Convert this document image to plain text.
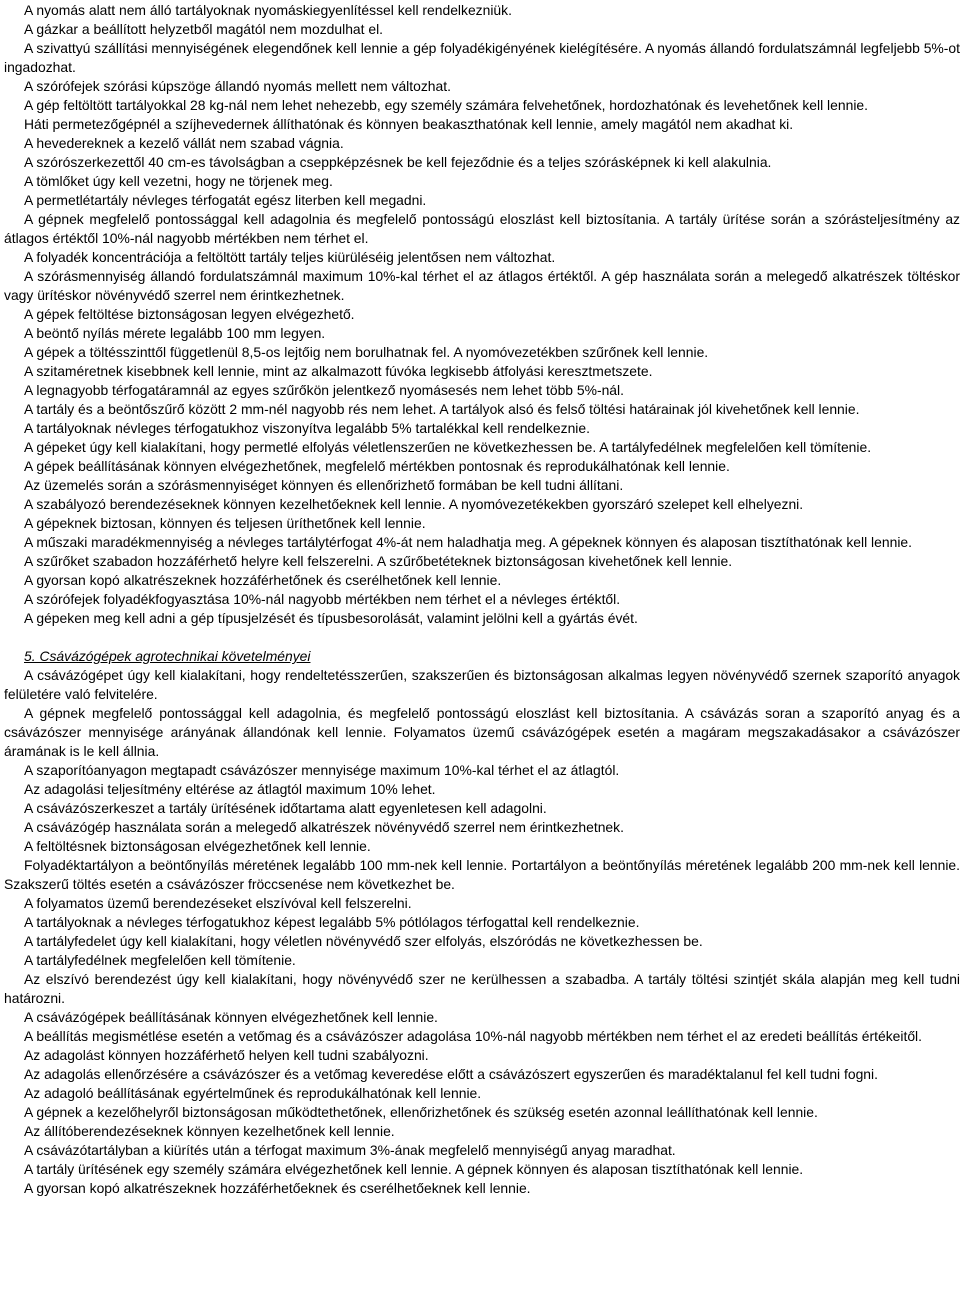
A nyomás alatt nem álló tartályoknak nyomáskiegyenlítéssel kell rendelkezniük.

A gázkar a beállított helyzetből magától nem mozdulhat el.

A szivattyú szállítási mennyiségének elegendőnek kell lennie a gép folyadékigényének kielégítésére. A nyomás állandó fordulatszámnál legfeljebb 5%-ot ingadozhat.

A szórófejek szórási kúpszöge állandó nyomás mellett nem változhat.

A gép feltöltött tartályokkal 28 kg-nál nem lehet nehezebb, egy személy számára felvehetőnek, hordozhatónak és levehetőnek kell lennie.

Háti permetezőgépnél a szíjhevedernek állíthatónak és könnyen beakaszthatónak kell lennie, amely magától nem akadhat ki.

A hevedereknek a kezelő vállát nem szabad vágnia.

A szórószerkezettől 40 cm-es távolságban a cseppképzésnek be kell fejeződnie és a teljes szórásképnek ki kell alakulnia.

A tömlőket úgy kell vezetni, hogy ne törjenek meg.

A permetlétartály névleges térfogatát egész literben kell megadni.

A gépnek megfelelő pontossággal kell adagolnia és megfelelő pontosságú eloszlást kell biztosítania. A tartály ürítése során a szórásteljesítmény az átlagos értéktől 10%-nál nagyobb mértékben nem térhet el.

A folyadék koncentrációja a feltöltött tartály teljes kiürüléséig jelentősen nem változhat.

A szórásmennyiség állandó fordulatszámnál maximum 10%-kal térhet el az átlagos értéktől. A gép használata során a melegedő alkatrészek töltéskor vagy ürítéskor növényvédő szerrel nem érintkezhetnek.

A gépek feltöltése biztonságosan legyen elvégezhető.

A beöntő nyílás mérete legalább 100 mm legyen.

A gépek a töltésszinttől függetlenül 8,5-os lejtőig nem borulhatnak fel. A nyomóvezetékben szűrőnek kell lennie.

A szitaméretnek kisebbnek kell lennie, mint az alkalmazott fúvóka legkisebb átfolyási keresztmetszete.

A legnagyobb térfogatáramnál az egyes szűrőkön jelentkező nyomásesés nem lehet több 5%-nál.

A tartály és a beöntőszűrő között 2 mm-nél nagyobb rés nem lehet. A tartályok alsó és felső töltési határainak jól kivehetőnek kell lennie.

A tartályoknak névleges térfogatukhoz viszonyítva legalább 5% tartalékkal kell rendelkeznie.

A gépeket úgy kell kialakítani, hogy permetlé elfolyás véletlenszerűen ne következhessen be. A tartályfedélnek megfelelően kell tömítenie.

A gépek beállításának könnyen elvégezhetőnek, megfelelő mértékben pontosnak és reprodukálhatónak kell lennie.

Az üzemelés során a szórásmennyiséget könnyen és ellenőrizhető formában be kell tudni állítani.

A szabályozó berendezéseknek könnyen kezelhetőeknek kell lennie. A nyomóvezetékekben gyorszáró szelepet kell elhelyezni.

A gépeknek biztosan, könnyen és teljesen üríthetőnek kell lennie.

A műszaki maradékmennyiség a névleges tartálytérfogat 4%-át nem haladhatja meg. A gépeknek könnyen és alaposan tisztíthatónak kell lennie.

A szűrőket szabadon hozzáférhető helyre kell felszerelni. A szűrőbetéteknek biztonságosan kivehetőnek kell lennie.

A gyorsan kopó alkatrészeknek hozzáférhetőnek és cserélhetőnek kell lennie.

A szórófejek folyadékfogyasztása 10%-nál nagyobb mértékben nem térhet el a névleges értéktől.

A gépeken meg kell adni a gép típusjelzését és típusbesorolását, valamint jelölni kell a gyártás évét.

5. Csávázógépek agrotechnikai követelményei

A csávázógépet úgy kell kialakítani, hogy rendeltetésszerűen, szakszerűen és biztonságosan alkalmas legyen növényvédő szernek szaporító anyagok felületére való felvitelére.

A gépnek megfelelő pontossággal kell adagolnia, és megfelelő pontosságú eloszlást kell biztosítania. A csávázás soran a szaporító anyag és a csávázószer mennyisége arányának állandónak kell lennie. Folyamatos üzemű csávázógépek esetén a magáram megszakadásakor a csávázószer áramának is le kell állnia.

A szaporítóanyagon megtapadt csávázószer mennyisége maximum 10%-kal térhet el az átlagtól.

Az adagolási teljesítmény eltérése az átlagtól maximum 10% lehet.

A csávázószerkeszet a tartály ürítésének időtartama alatt egyenletesen kell adagolni.

A csávázógép használata során a melegedő alkatrészek növényvédő szerrel nem érintkezhetnek.

A feltöltésnek biztonságosan elvégezhetőnek kell lennie.

Folyadéktartályon a beöntőnyílás méretének legalább 100 mm-nek kell lennie. Portartályon a beöntőnyílás méretének legalább 200 mm-nek kell lennie. Szakszerű töltés esetén a csávázószer fröccsenése nem következhet be.

A folyamatos üzemű berendezéseket elszívóval kell felszerelni.

A tartályoknak a névleges térfogatukhoz képest legalább 5% pótlólagos térfogattal kell rendelkeznie.

A tartályfedelet úgy kell kialakítani, hogy véletlen növényvédő szer elfolyás, elszóródás ne következhessen be.

A tartályfedélnek megfelelően kell tömítenie.

Az elszívó berendezést úgy kell kialakítani, hogy növényvédő szer ne kerülhessen a szabadba. A tartály töltési szintjét skála alapján meg kell tudni határozni.

A csávázógépek beállításának könnyen elvégezhetőnek kell lennie.

A beállítás megismétlése esetén a vetőmag és a csávázószer adagolása 10%-nál nagyobb mértékben nem térhet el az eredeti beállítás értékeitől.

Az adagolást könnyen hozzáférhető helyen kell tudni szabályozni.

Az adagolás ellenőrzésére a csávázószer és a vetőmag keveredése előtt a csávázószert egyszerűen és maradéktalanul fel kell tudni fogni.

Az adagoló beállításának egyértelműnek és reprodukálhatónak kell lennie.

A gépnek a kezelőhelyről biztonságosan működtethetőnek, ellenőrizhetőnek és szükség esetén azonnal leállíthatónak kell lennie.

Az állítóberendezéseknek könnyen kezelhetőnek kell lennie.

A csávázótartályban a kiürítés után a térfogat maximum 3%-ának megfelelő mennyiségű anyag maradhat.

A tartály ürítésének egy személy számára elvégezhetőnek kell lennie. A gépnek könnyen és alaposan tisztíthatónak kell lennie.

A gyorsan kopó alkatrészeknek hozzáférhetőeknek és cserélhetőeknek kell lennie.
